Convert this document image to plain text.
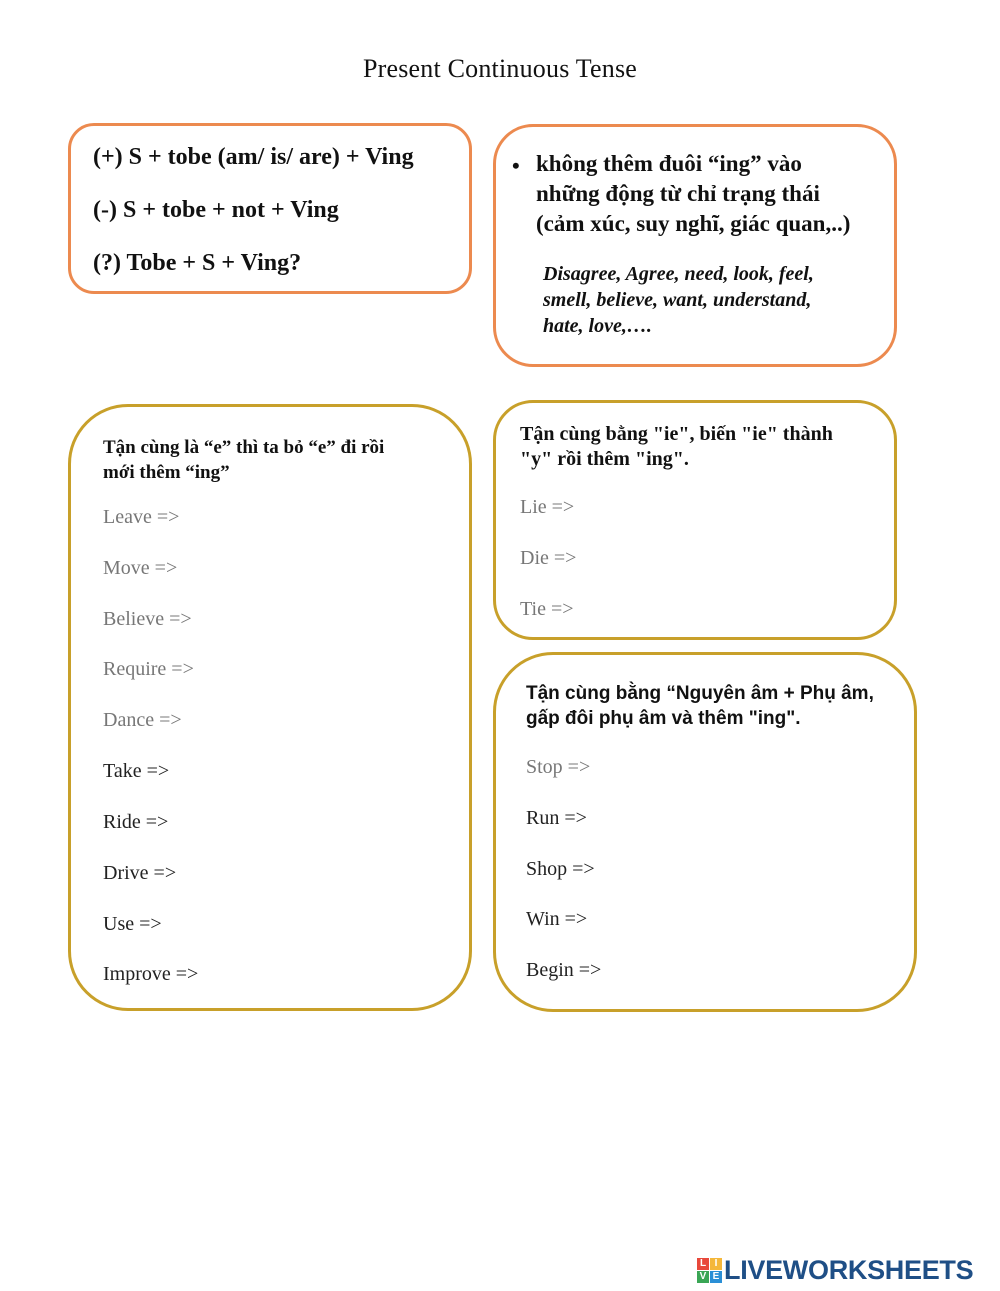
Present Continuous Tense
(+) S + tobe (am/ is/ are) + Ving
(-) S + tobe + not + Ving
(?) Tobe + S + Ving?
• không thêm đuôi “ing” vào
những động từ chỉ trạng thái
(cảm xúc, suy nghĩ, giác quan,..)
Disagree, Agree, need, look, feel,
smell, believe, want, understand,
hate, love,….
Tận cùng là “e” thì ta bỏ “e” đi rồi
mới thêm “ing”
Leave =>
Move =>
Believe =>
Require =>
Dance =>
Take =>
Ride =>
Drive =>
Use =>
Improve =>
Tận cùng bằng "ie", biến "ie" thành
"y" rồi thêm "ing".
Lie =>
Die =>
Tie =>
Tận cùng bằng “Nguyên âm + Phụ âm,
gấp đôi phụ âm và thêm "ing".
Stop =>
Run =>
Shop =>
Win =>
Begin =>
L I
V E LIVEWORKSHEETS
